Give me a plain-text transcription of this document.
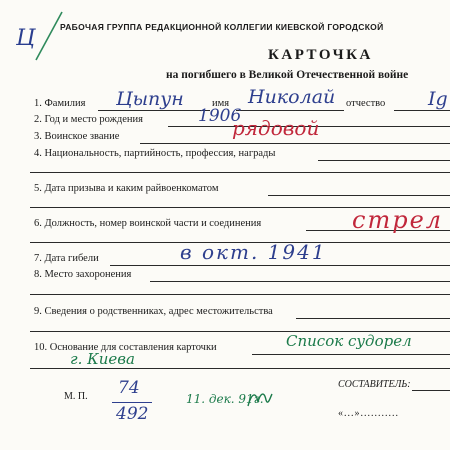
Ц	РАБОЧАЯ ГРУППА РЕДАКЦИОННОЙ КОЛЛЕГИИ КИЕВСКОЙ ГОРОДСКОЙ
КАРТОЧКА
на погибшего в Великой Отечественной войне
1. Фамилия Цыпун	имя Николай отчество Ig
2. Год и место рождения	1906
3. Воинское звание	рядовой
4. Национальность, партийность, профессия, награды
5. Дата призыва и каким райвоенкоматом
6. Должность, номер воинской части и соединения	стрел
7. Дата гибели	в окт. 1941
8. Место захоронения
9. Сведения о родственниках, адрес местожительства
10. Основание для составления карточки	Список судорел
г. Киева
М. П. 74
492
11. дек. 91г.
СОСТАВИТЕЛЬ:
«...»...........
